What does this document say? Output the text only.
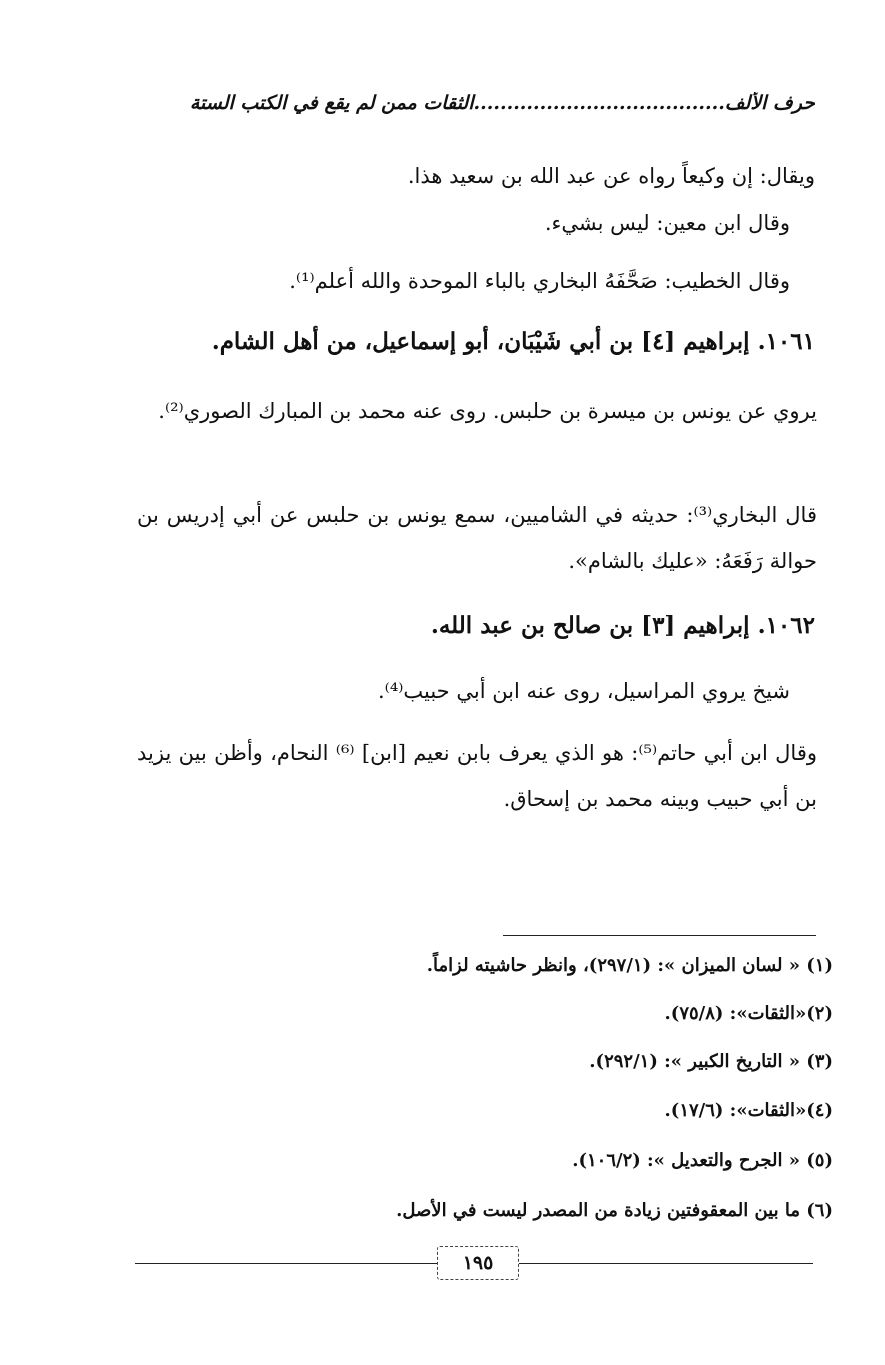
حرف الألف......................................الثقات ممن لم يقع في الكتب الستة
ويقال: إن وكيعاً رواه عن عبد الله بن سعيد هذا.
وقال ابن معين: ليس بشيء.
وقال الخطيب: صَحَّفَهُ البخاري بالباء الموحدة والله أعلم⁽¹⁾.
١٠٦١. إبراهيم [٤] بن أبي شَيْبَان، أبو إسماعيل، من أهل الشام.
يروي عن يونس بن ميسرة بن حلبس. روى عنه محمد بن المبارك الصوري⁽²⁾.
قال البخاري⁽³⁾: حديثه في الشاميين، سمع يونس بن حلبس عن أبي إدريس بن حوالة رَفَعَهُ: «عليك بالشام».
١٠٦٢. إبراهيم [٣] بن صالح بن عبد الله.
شيخ يروي المراسيل، روى عنه ابن أبي حبيب⁽⁴⁾.
وقال ابن أبي حاتم⁽⁵⁾: هو الذي يعرف بابن نعيم [ابن] ⁽⁶⁾ النحام، وأظن بين يزيد بن أبي حبيب وبينه محمد بن إسحاق.
(١) « لسان الميزان »: (٢٩٧/١)، وانظر حاشيته لزاماً.
(٢)«الثقات»: (٧٥/٨).
(٣) « التاريخ الكبير »: (٢٩٢/١).
(٤)«الثقات»: (١٧/٦).
(٥) « الجرح والتعديل »: (١٠٦/٢).
(٦) ما بين المعقوفتين زيادة من المصدر ليست في الأصل.
١٩٥
